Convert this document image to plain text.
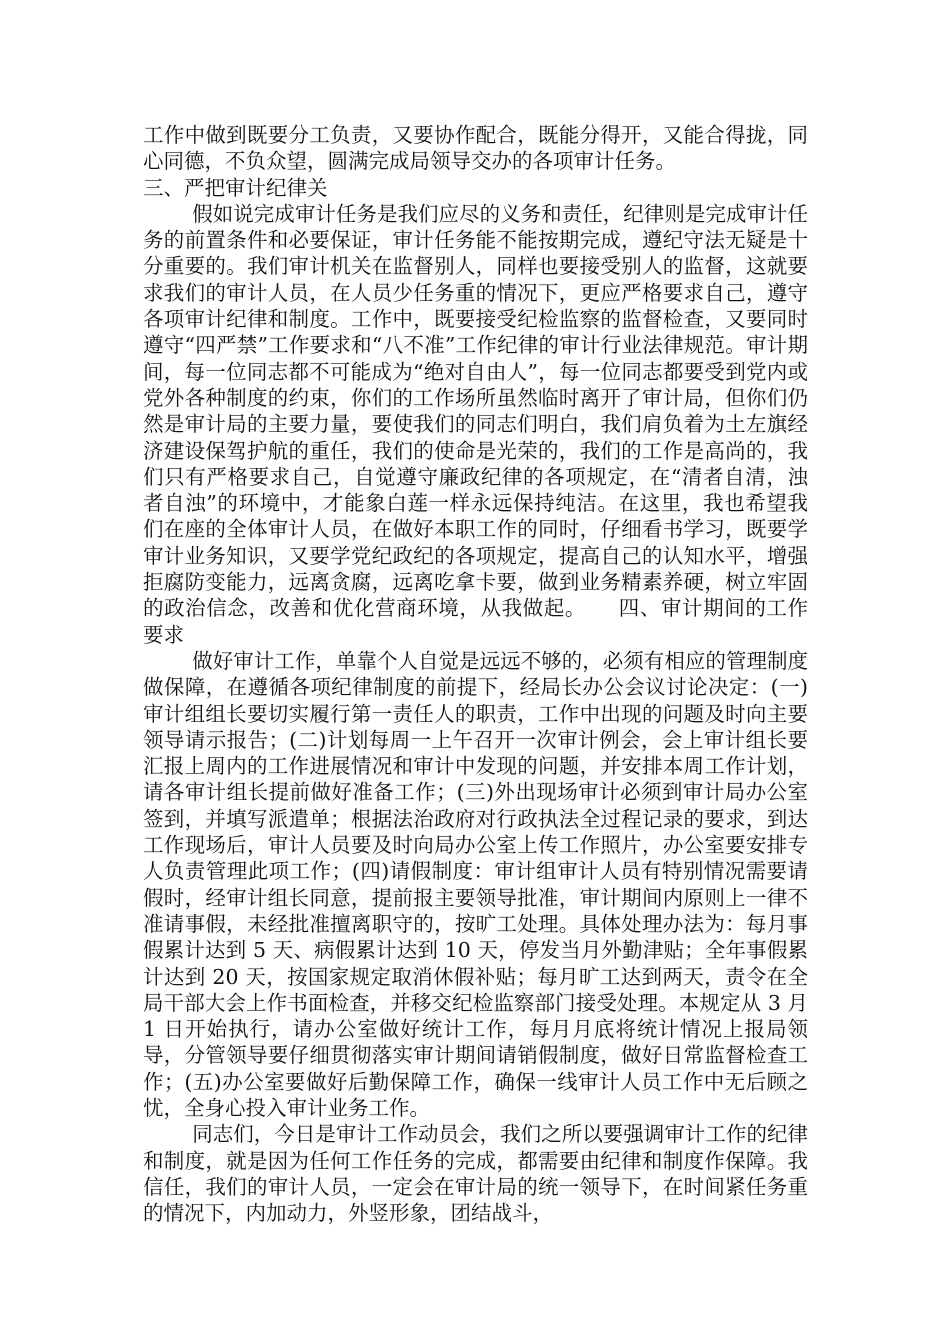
工作中做到既要分工负责，又要协作配合，既能分得开，又能合得拢，同心同德，不负众望，圆满完成局领导交办的各项审计任务。

三、严把审计纪律关

假如说完成审计任务是我们应尽的义务和责任，纪律则是完成审计任务的前置条件和必要保证，审计任务能不能按期完成，遵纪守法无疑是十分重要的。我们审计机关在监督别人，同样也要接受别人的监督，这就要求我们的审计人员，在人员少任务重的情况下，更应严格要求自己，遵守各项审计纪律和制度。工作中，既要接受纪检监察的监督检查，又要同时遵守“四严禁”工作要求和“八不准”工作纪律的审计行业法律规范。审计期间，每一位同志都不可能成为“绝对自由人”，每一位同志都要受到党内或党外各种制度的约束，你们的工作场所虽然临时离开了审计局，但你们仍然是审计局的主要力量，要使我们的同志们明白，我们肩负着为土左旗经济建设保驾护航的重任，我们的使命是光荣的，我们的工作是高尚的，我们只有严格要求自己，自觉遵守廉政纪律的各项规定，在“清者自清，浊者自浊”的环境中，才能象白莲一样永远保持纯洁。在这里，我也希望我们在座的全体审计人员，在做好本职工作的同时，仔细看书学习，既要学审计业务知识，又要学党纪政纪的各项规定，提高自己的认知水平，增强拒腐防变能力，远离贪腐，远离吃拿卡要，做到业务精素养硬，树立牢固的政治信念，改善和优化营商环境，从我做起。 四、审计期间的工作要求

做好审计工作，单靠个人自觉是远远不够的，必须有相应的管理制度做保障，在遵循各项纪律制度的前提下，经局长办公会议讨论决定：(一)审计组组长要切实履行第一责任人的职责，工作中出现的问题及时向主要领导请示报告；(二)计划每周一上午召开一次审计例会，会上审计组长要汇报上周内的工作进展情况和审计中发现的问题，并安排本周工作计划，请各审计组长提前做好准备工作；(三)外出现场审计必须到审计局办公室签到，并填写派遣单；根据法治政府对行政执法全过程记录的要求，到达工作现场后，审计人员要及时向局办公室上传工作照片，办公室要安排专人负责管理此项工作；(四)请假制度：审计组审计人员有特别情况需要请假时，经审计组长同意，提前报主要领导批准，审计期间内原则上一律不准请事假，未经批准擅离职守的，按旷工处理。具体处理办法为：每月事假累计达到 5 天、病假累计达到 10 天，停发当月外勤津贴；全年事假累计达到 20 天，按国家规定取消休假补贴；每月旷工达到两天，责令在全局干部大会上作书面检查，并移交纪检监察部门接受处理。本规定从 3 月 1 日开始执行，请办公室做好统计工作，每月月底将统计情况上报局领导，分管领导要仔细贯彻落实审计期间请销假制度，做好日常监督检查工作；(五)办公室要做好后勤保障工作，确保一线审计人员工作中无后顾之忧，全身心投入审计业务工作。

同志们，今日是审计工作动员会，我们之所以要强调审计工作的纪律和制度，就是因为任何工作任务的完成，都需要由纪律和制度作保障。我信任，我们的审计人员，一定会在审计局的统一领导下，在时间紧任务重的情况下，内加动力，外竖形象，团结战斗，
